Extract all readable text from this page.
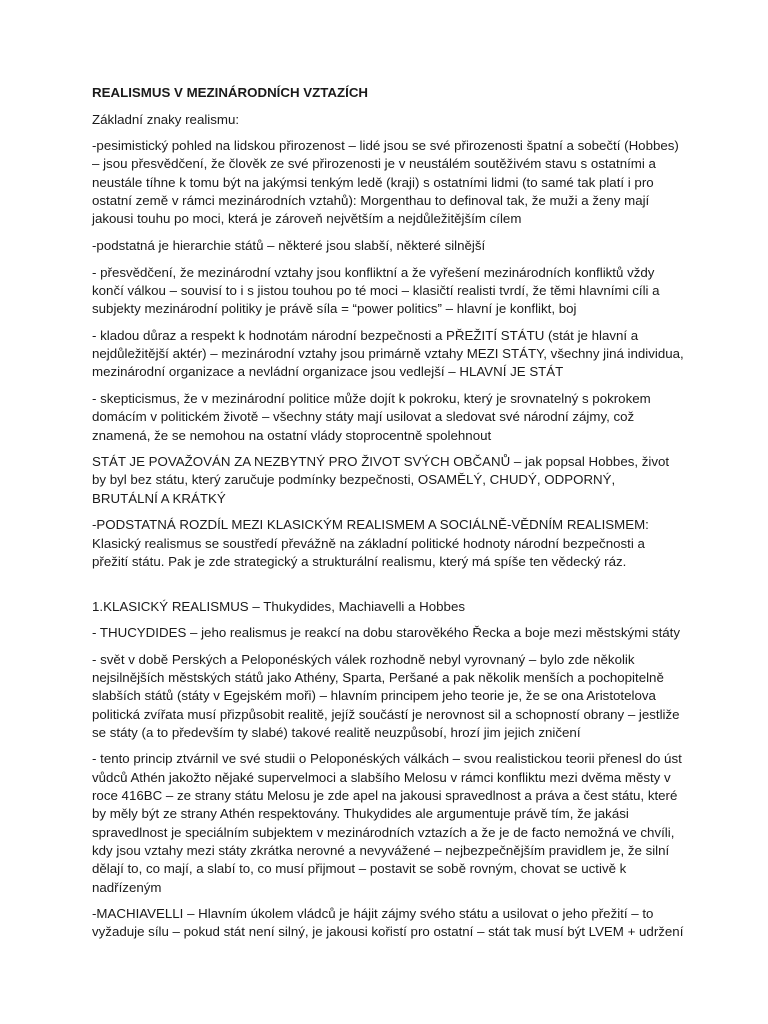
REALISMUS V MEZINÁRODNÍCH VZTAZÍCH

Základní znaky realismu:

-pesimistický pohled na lidskou přirozenost – lidé jsou se své přirozenosti špatní a sobečtí (Hobbes) – jsou přesvědčení, že člověk ze své přirozenosti je v neustálém soutěživém stavu s ostatními a neustále tíhne k tomu být na jakýmsi tenkým ledě (kraji) s ostatními lidmi (to samé tak platí i pro ostatní země v rámci mezinárodních vztahů): Morgenthau to definoval tak, že muži a ženy mají jakousi touhu po moci, která je zároveň největším a nejdůležitějším cílem

-podstatná je hierarchie států – některé jsou slabší, některé silnější

- přesvědčení, že mezinárodní vztahy jsou konfliktní a že vyřešení mezinárodních konfliktů vždy končí válkou – souvisí to i s jistou touhou po té moci – klasičtí realisti tvrdí, že těmi hlavními cíli a subjekty mezinárodní politiky je právě síla = “power politics” – hlavní je konflikt, boj

- kladou důraz a respekt k hodnotám národní bezpečnosti a PŘEŽITÍ STÁTU (stát je hlavní a nejdůležitější aktér) – mezinárodní vztahy jsou primárně vztahy MEZI STÁTY, všechny jiná individua, mezinárodní organizace a nevládní organizace jsou vedlejší – HLAVNÍ JE STÁT

- skepticismus, že v mezinárodní politice může dojít k pokroku, který je srovnatelný s pokrokem domácím v politickém životě – všechny státy mají usilovat a sledovat své národní zájmy, což znamená, že se nemohou na ostatní vlády stoprocentně spolehnout

STÁT JE POVAŽOVÁN ZA NEZBYTNÝ PRO ŽIVOT SVÝCH OBČANŮ – jak popsal Hobbes, život by byl bez státu, který zaručuje podmínky bezpečnosti, OSAMĚLÝ, CHUDÝ, ODPORNÝ, BRUTÁLNÍ A KRÁTKÝ

-PODSTATNÁ ROZDÍL MEZI KLASICKÝM REALISMEM A SOCIÁLNĚ-VĚDNÍM REALISMEM: Klasický realismus se soustředí převážně na základní politické hodnoty národní bezpečnosti a přežití státu. Pak je zde strategický a strukturální realismu, který má spíše ten vědecký ráz.

1.KLASICKÝ REALISMUS – Thukydides, Machiavelli a Hobbes

- THUCYDIDES – jeho realismus je reakcí na dobu starověkého Řecka a boje mezi městskými státy

- svět v době Perských a Peloponéských válek rozhodně nebyl vyrovnaný – bylo zde několik nejsilnějších městských států jako Athény, Sparta, Peršané a pak několik menších a pochopitelně slabších států (státy v Egejském moři) – hlavním principem jeho teorie je, že se ona Aristotelova politická zvířata musí přizpůsobit realitě, jejíž součástí je nerovnost sil a schopností obrany – jestliže se státy (a to především ty slabé) takové realitě neuzpůsobí, hrozí jim jejich zničení

- tento princip ztvárnil ve své studii o Peloponéských válkách – svou realistickou teorii přenesl do úst vůdců Athén jakožto nějaké supervelmoci a slabšího Melosu v rámci konfliktu mezi dvěma městy v roce 416BC – ze strany státu Melosu je zde apel na jakousi spravedlnost a práva a čest státu, které by měly být ze strany Athén respektovány. Thukydides ale argumentuje právě tím, že jakási spravedlnost je speciálním subjektem v mezinárodních vztazích a že je de facto nemožná ve chvíli, kdy jsou vztahy mezi státy zkrátka nerovné a nevyvážené – nejbezpečnějším pravidlem je, že silní dělají to, co mají, a slabí to, co musí přijmout – postavit se sobě rovným, chovat se uctivě k nadřízeným

-MACHIAVELLI – Hlavním úkolem vládců je hájit zájmy svého státu a usilovat o jeho přežití – to vyžaduje sílu – pokud stát není silný, je jakousi kořistí pro ostatní – stát tak musí být LVEM + udržení
